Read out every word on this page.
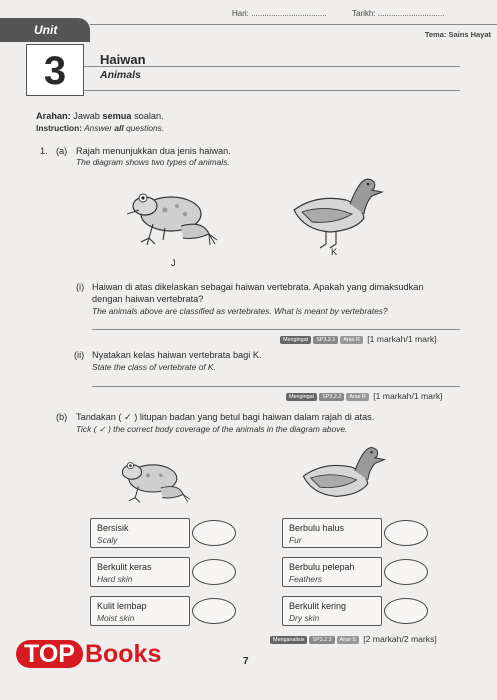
Unit
Hari: ..................................	Tarikh: ..............................
Tema: Sains Hayat
3	Haiwan
Animals
Arahan: Jawab semua soalan.
Instruction: Answer all questions.
1. (a) Rajah menunjukkan dua jenis haiwan.
The diagram shows two types of animals.
J
K
(i) Haiwan di atas dikelaskan sebagai haiwan vertebrata. Apakah yang dimaksudkan
dengan haiwan vertebrata?
The animals above are classified as vertebrates. What is meant by vertebrates?
Mengingat SP3.2.1 Aras R [1 markah/1 mark]
(ii) Nyatakan kelas haiwan vertebrata bagi K.
State the class of vertebrate of K.
Mengingat SP3.2.2 Aras R [1 markah/1 mark]
(b) Tandakan ( ✓ ) litupan badan yang betul bagi haiwan dalam rajah di atas.
Tick ( ✓ ) the correct body coverage of the animals in the diagram above.
Bersisik
Scaly
Berbulu halus
Fur
Berkulit keras
Hard skin
Berbulu pelepah
Feathers
Kulit lembap
Moist skin
Berkulit kering
Dry skin
Menganalisis SP3.2.3 Aras S [2 markah/2 marks]
7
TOP Books
